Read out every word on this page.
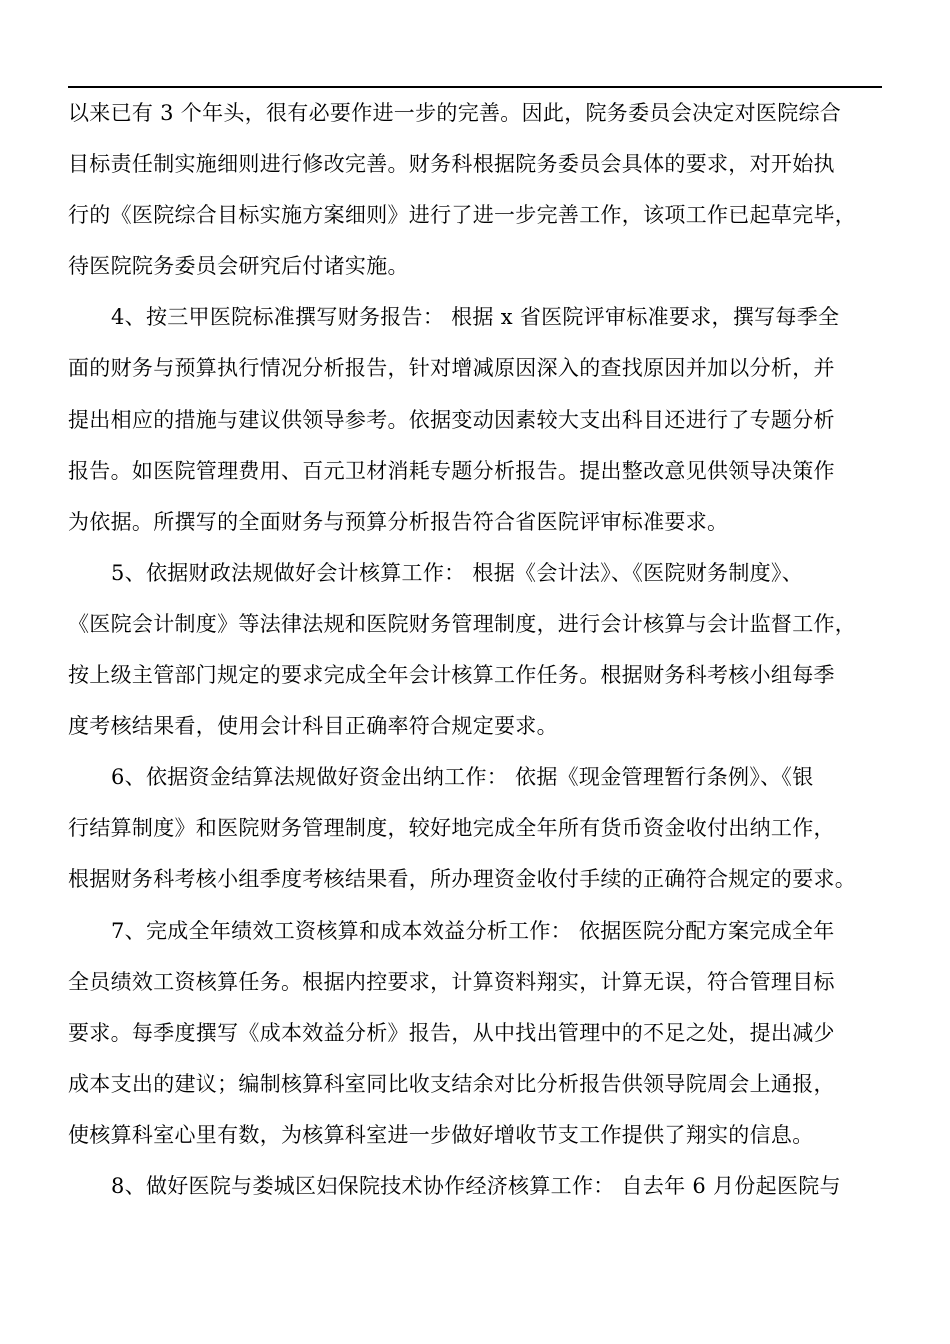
以来已有 3 个年头，很有必要作进一步的完善。因此，院务委员会决定对医院综合
目标责任制实施细则进行修改完善。财务科根据院务委员会具体的要求，对开始执
行的《医院综合目标实施方案细则》进行了进一步完善工作，该项工作已起草完毕，
待医院院务委员会研究后付诸实施。
4、按三甲医院标准撰写财务报告： 根据 x 省医院评审标准要求，撰写每季全
面的财务与预算执行情况分析报告，针对增减原因深入的查找原因并加以分析，并
提出相应的措施与建议供领导参考。依据变动因素较大支出科目还进行了专题分析
报告。如医院管理费用、百元卫材消耗专题分析报告。提出整改意见供领导决策作
为依据。所撰写的全面财务与预算分析报告符合省医院评审标准要求。
5、依据财政法规做好会计核算工作： 根据《会计法》、《医院财务制度》、
《医院会计制度》等法律法规和医院财务管理制度，进行会计核算与会计监督工作，
按上级主管部门规定的要求完成全年会计核算工作任务。根据财务科考核小组每季
度考核结果看，使用会计科目正确率符合规定要求。
6、依据资金结算法规做好资金出纳工作： 依据《现金管理暂行条例》、《银
行结算制度》和医院财务管理制度，较好地完成全年所有货币资金收付出纳工作，
根据财务科考核小组季度考核结果看，所办理资金收付手续的正确符合规定的要求。
7、完成全年绩效工资核算和成本效益分析工作： 依据医院分配方案完成全年
全员绩效工资核算任务。根据内控要求，计算资料翔实，计算无误，符合管理目标
要求。每季度撰写《成本效益分析》报告，从中找出管理中的不足之处，提出减少
成本支出的建议；编制核算科室同比收支结余对比分析报告供领导院周会上通报，
使核算科室心里有数，为核算科室进一步做好增收节支工作提供了翔实的信息。
8、做好医院与娄城区妇保院技术协作经济核算工作： 自去年 6 月份起医院与
